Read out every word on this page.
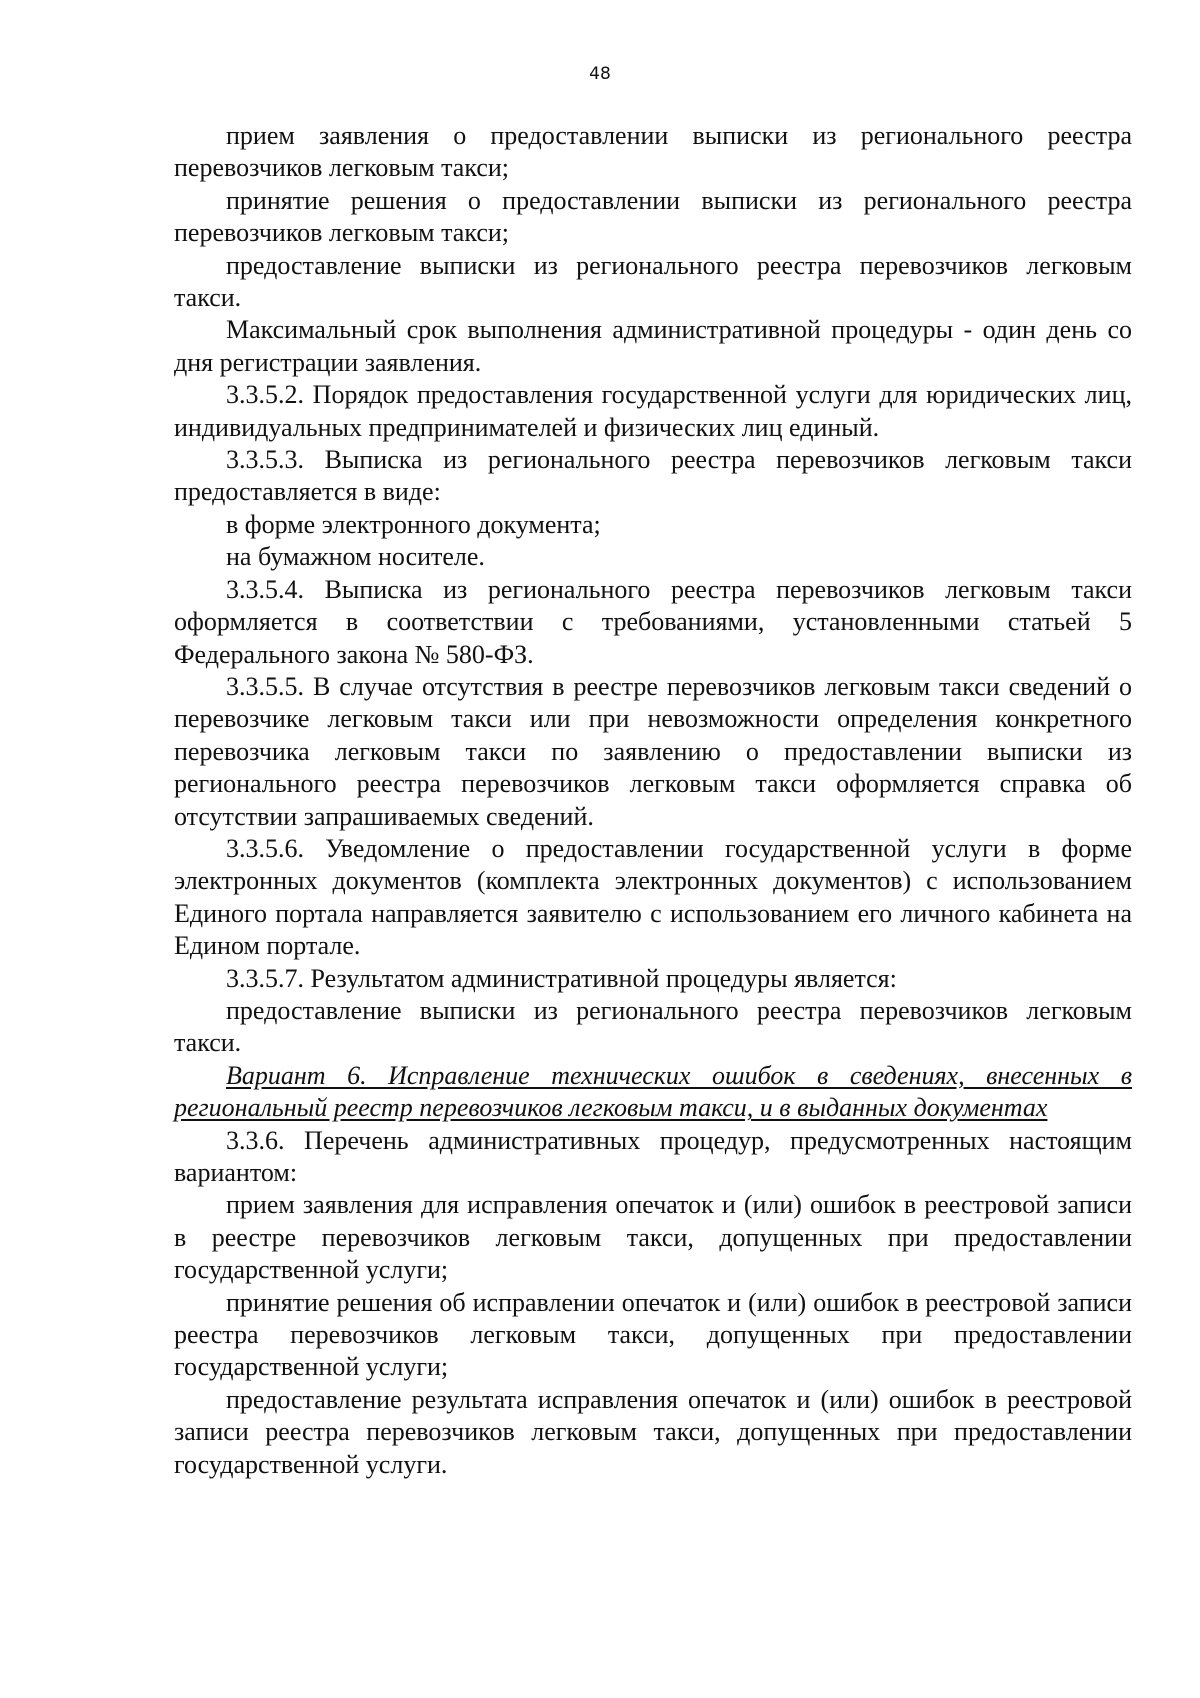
48

прием заявления о предоставлении выписки из регионального реестра перевозчиков легковым такси;

принятие решения о предоставлении выписки из регионального реестра перевозчиков легковым такси;

предоставление выписки из регионального реестра перевозчиков легковым такси.

Максимальный срок выполнения административной процедуры - один день со дня регистрации заявления.

3.3.5.2. Порядок предоставления государственной услуги для юридических лиц, индивидуальных предпринимателей и физических лиц единый.

3.3.5.3. Выписка из регионального реестра перевозчиков легковым такси предоставляется в виде:

в форме электронного документа;

на бумажном носителе.

3.3.5.4. Выписка из регионального реестра перевозчиков легковым такси оформляется в соответствии с требованиями, установленными статьей 5 Федерального закона № 580-ФЗ.

3.3.5.5. В случае отсутствия в реестре перевозчиков легковым такси сведений о перевозчике легковым такси или при невозможности определения конкретного перевозчика легковым такси по заявлению о предоставлении выписки из регионального реестра перевозчиков легковым такси оформляется справка об отсутствии запрашиваемых сведений.

3.3.5.6. Уведомление о предоставлении государственной услуги в форме электронных документов (комплекта электронных документов) с использованием Единого портала направляется заявителю с использованием его личного кабинета на Едином портале.

3.3.5.7. Результатом административной процедуры является:

предоставление выписки из регионального реестра перевозчиков легковым такси.

Вариант 6. Исправление технических ошибок в сведениях, внесенных в региональный реестр перевозчиков легковым такси, и в выданных документах

3.3.6. Перечень административных процедур, предусмотренных настоящим вариантом:

прием заявления для исправления опечаток и (или) ошибок в реестровой записи в реестре перевозчиков легковым такси, допущенных при предоставлении государственной услуги;

принятие решения об исправлении опечаток и (или) ошибок в реестровой записи реестра перевозчиков легковым такси, допущенных при предоставлении государственной услуги;

предоставление результата исправления опечаток и (или) ошибок в реестровой записи реестра перевозчиков легковым такси, допущенных при предоставлении государственной услуги.
